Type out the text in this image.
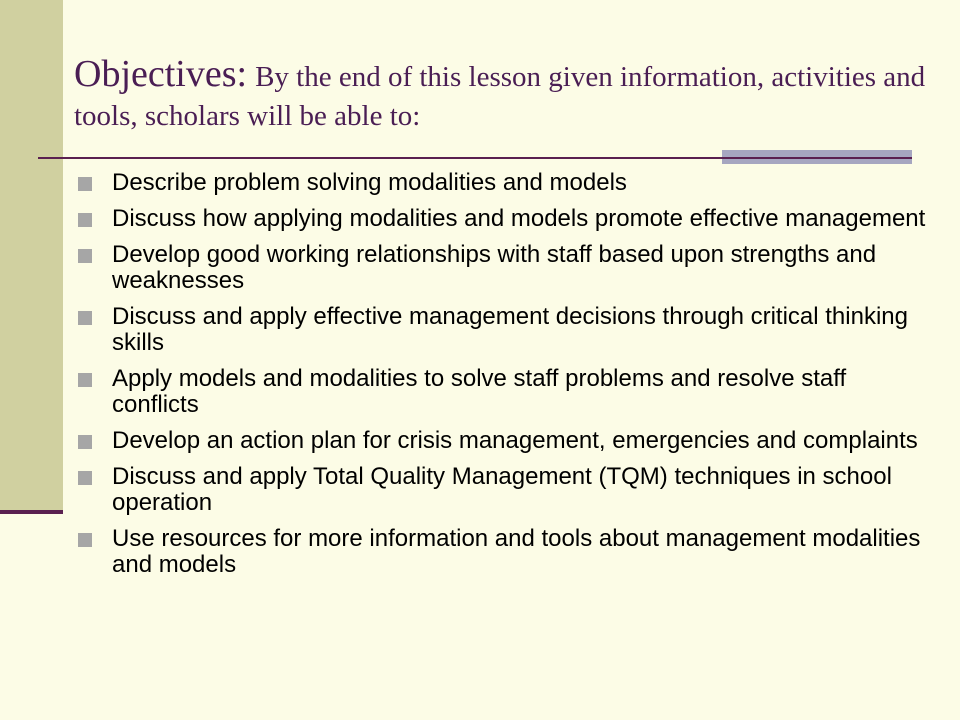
Objectives: By the end of this lesson given information, activities and tools, scholars will be able to:
Describe problem solving modalities and models
Discuss how applying modalities and models promote effective management
Develop good working relationships with staff based upon strengths and weaknesses
Discuss and apply effective management decisions through critical thinking skills
Apply models and modalities to solve staff problems and resolve staff conflicts
Develop an action plan for crisis management, emergencies and complaints
Discuss and apply Total Quality Management (TQM) techniques in school operation
Use resources for more information and tools about management modalities and models
